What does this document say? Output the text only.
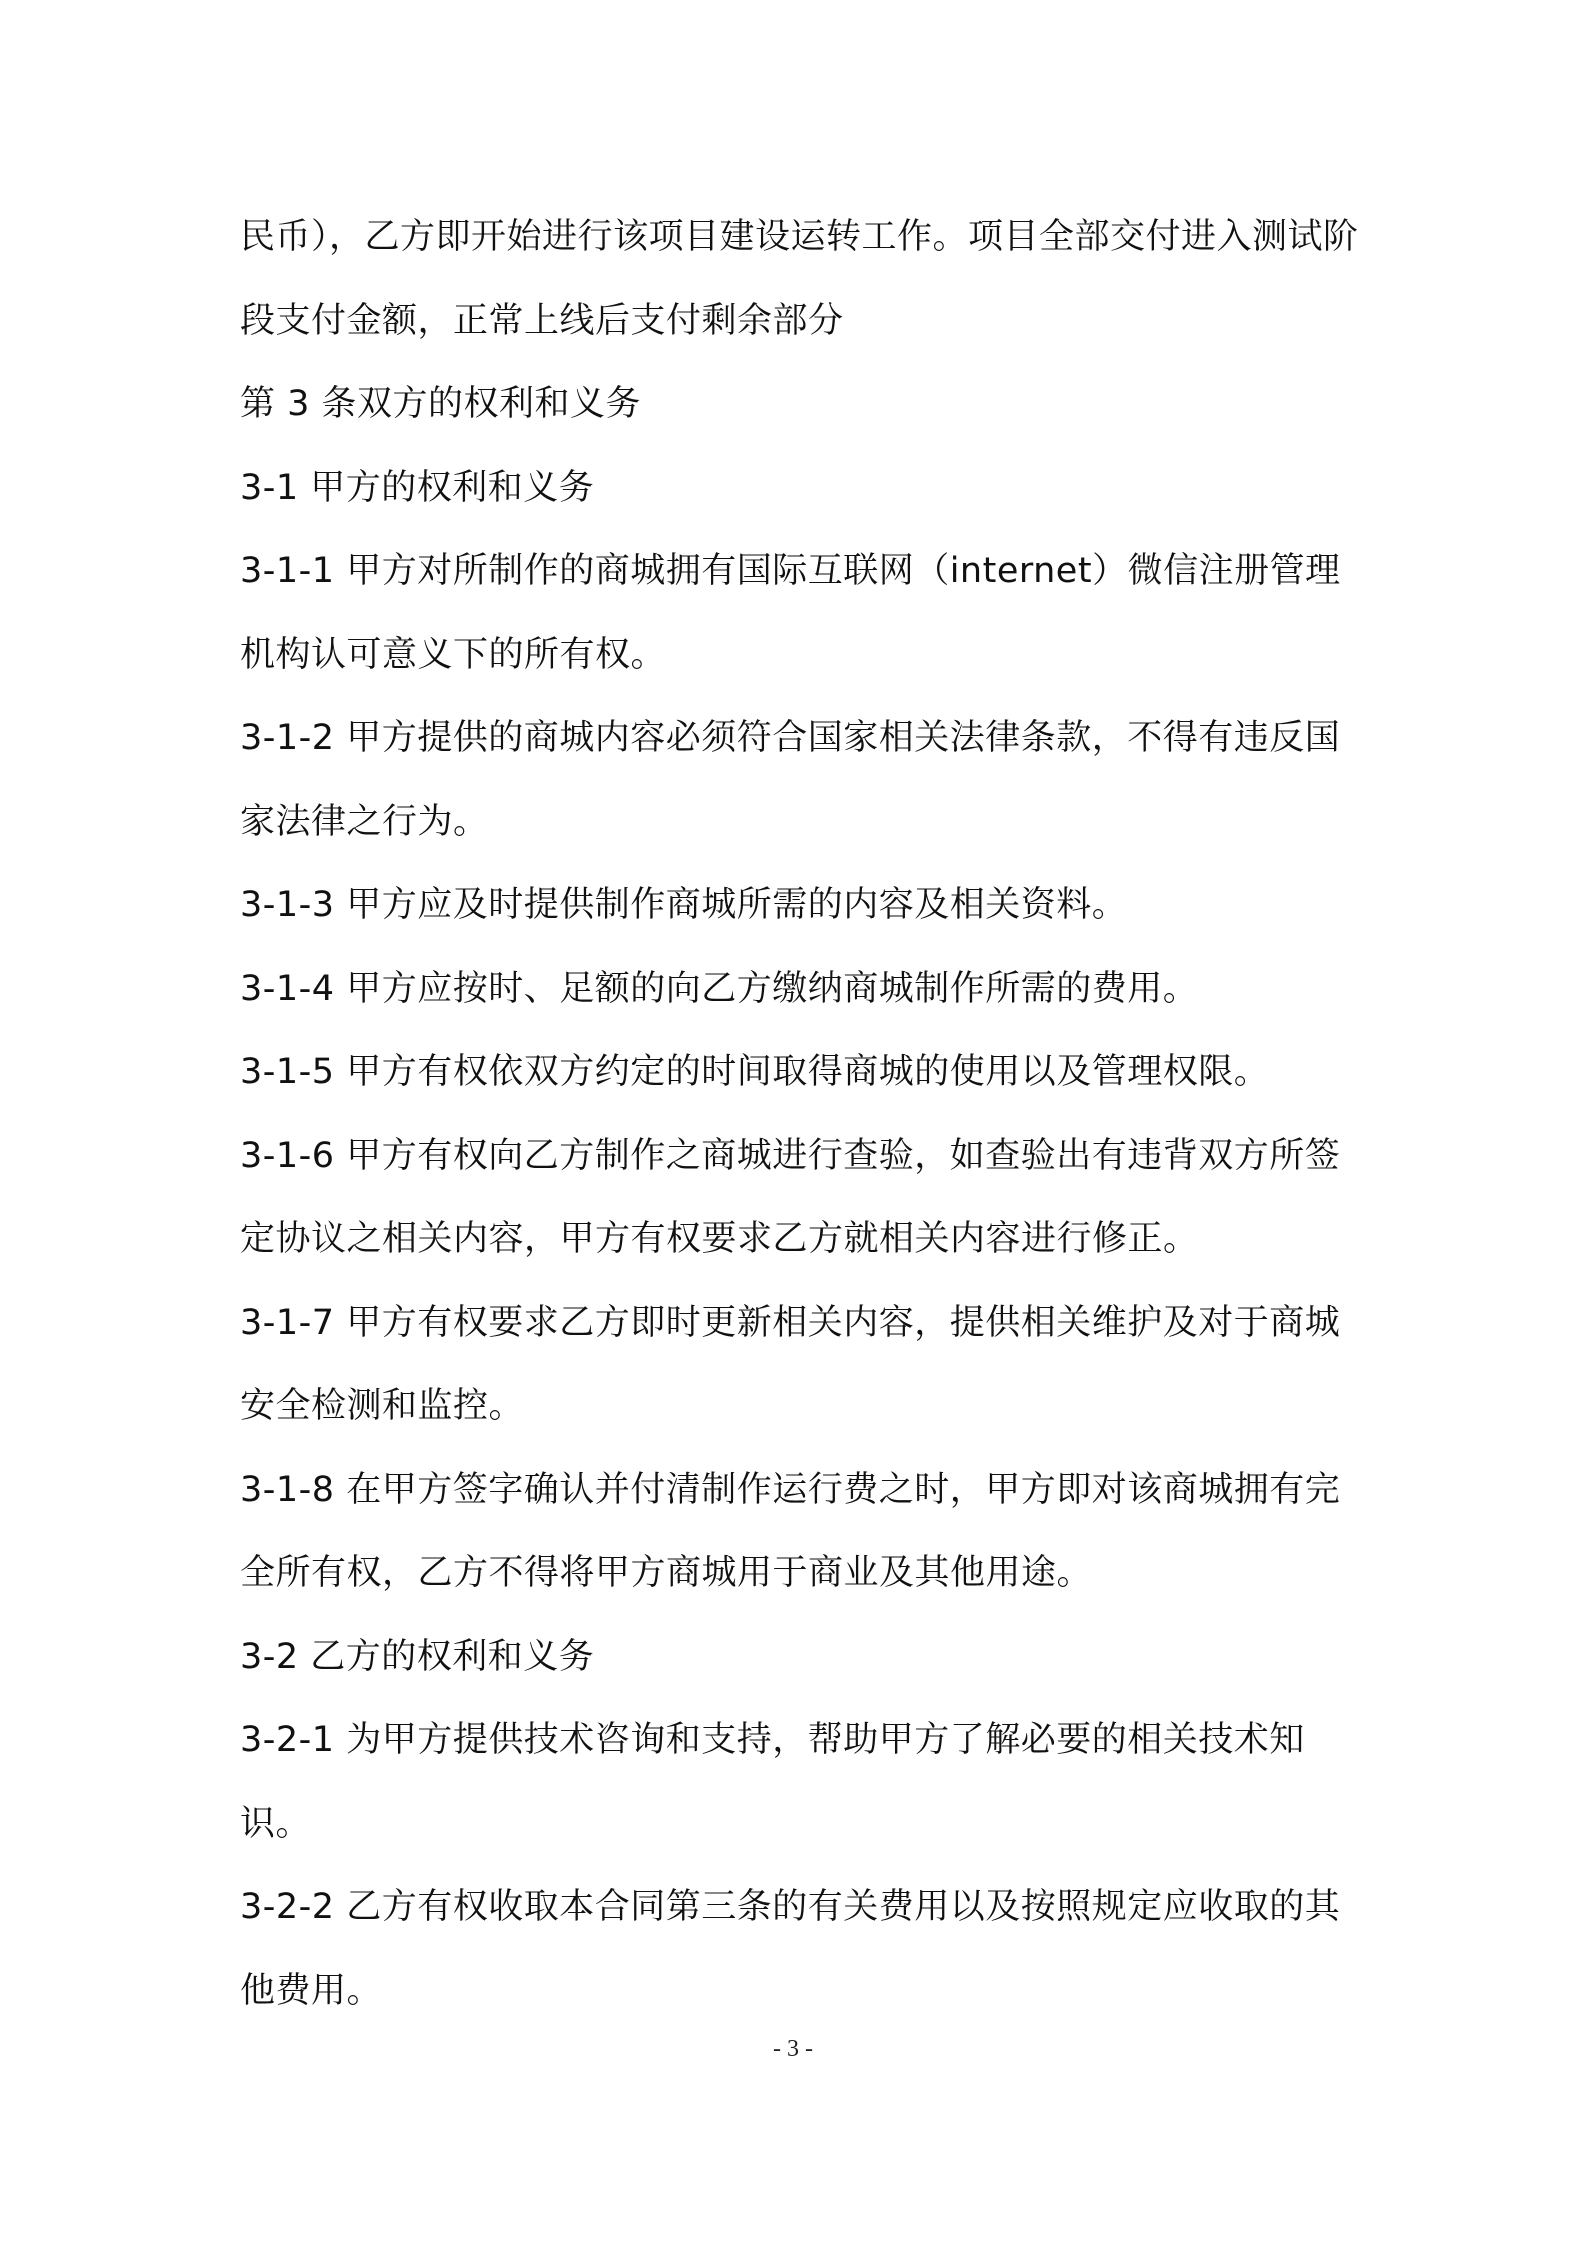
民币），乙方即开始进行该项目建设运转工作。项目全部交付进入测试阶段支付金额，正常上线后支付剩余部分

第 3 条双方的权利和义务

3-1 甲方的权利和义务

3-1-1 甲方对所制作的商城拥有国际互联网（internet）微信注册管理机构认可意义下的所有权。

3-1-2 甲方提供的商城内容必须符合国家相关法律条款，不得有违反国家法律之行为。

3-1-3 甲方应及时提供制作商城所需的内容及相关资料。

3-1-4 甲方应按时、足额的向乙方缴纳商城制作所需的费用。

3-1-5 甲方有权依双方约定的时间取得商城的使用以及管理权限。

3-1-6 甲方有权向乙方制作之商城进行查验，如查验出有违背双方所签定协议之相关内容，甲方有权要求乙方就相关内容进行修正。

3-1-7 甲方有权要求乙方即时更新相关内容，提供相关维护及对于商城安全检测和监控。

3-1-8 在甲方签字确认并付清制作运行费之时，甲方即对该商城拥有完全所有权，乙方不得将甲方商城用于商业及其他用途。

3-2 乙方的权利和义务

3-2-1 为甲方提供技术咨询和支持，帮助甲方了解必要的相关技术知识。

3-2-2 乙方有权收取本合同第三条的有关费用以及按照规定应收取的其他费用。

- 3 -
